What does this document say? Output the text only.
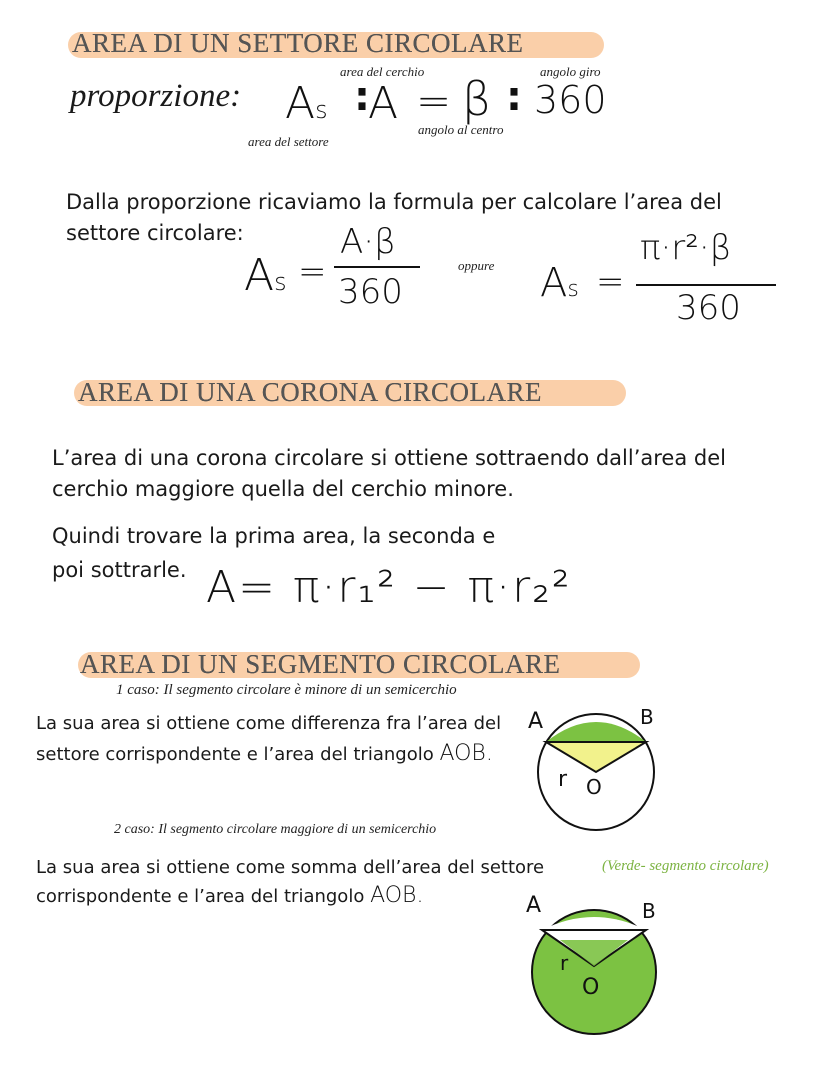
AREA DI UN SETTORE CIRCOLARE
proporzione:
area del cerchio	angolo giro
As :
A = β : 360
area del settore
angolo al centro
Dalla proporzione ricaviamo la formula per calcolare l’area del settore circolare:
As =
A·β
360
oppure As =
π·r²·β
360
AREA DI UNA CORONA CIRCOLARE
L’area di una corona circolare si ottiene sottraendo dall’area del cerchio maggiore quella del cerchio minore.
Quindi trovare la prima area, la seconda e
poi sottrarle. A= π·r₁² − π·r₂²
AREA DI UN SEGMENTO CIRCOLARE
1 caso: Il segmento circolare è minore di un semicerchio
La sua area si ottiene come differenza fra l’area del
settore corrispondente e l’area del triangolo AOB.
A	B
r O
2 caso: Il segmento circolare maggiore di un semicerchio
La sua area si ottiene come somma dell’area del settore
corrispondente e l’area del triangolo AOB.
(Verde- segmento circolare)
A	B
r
O
